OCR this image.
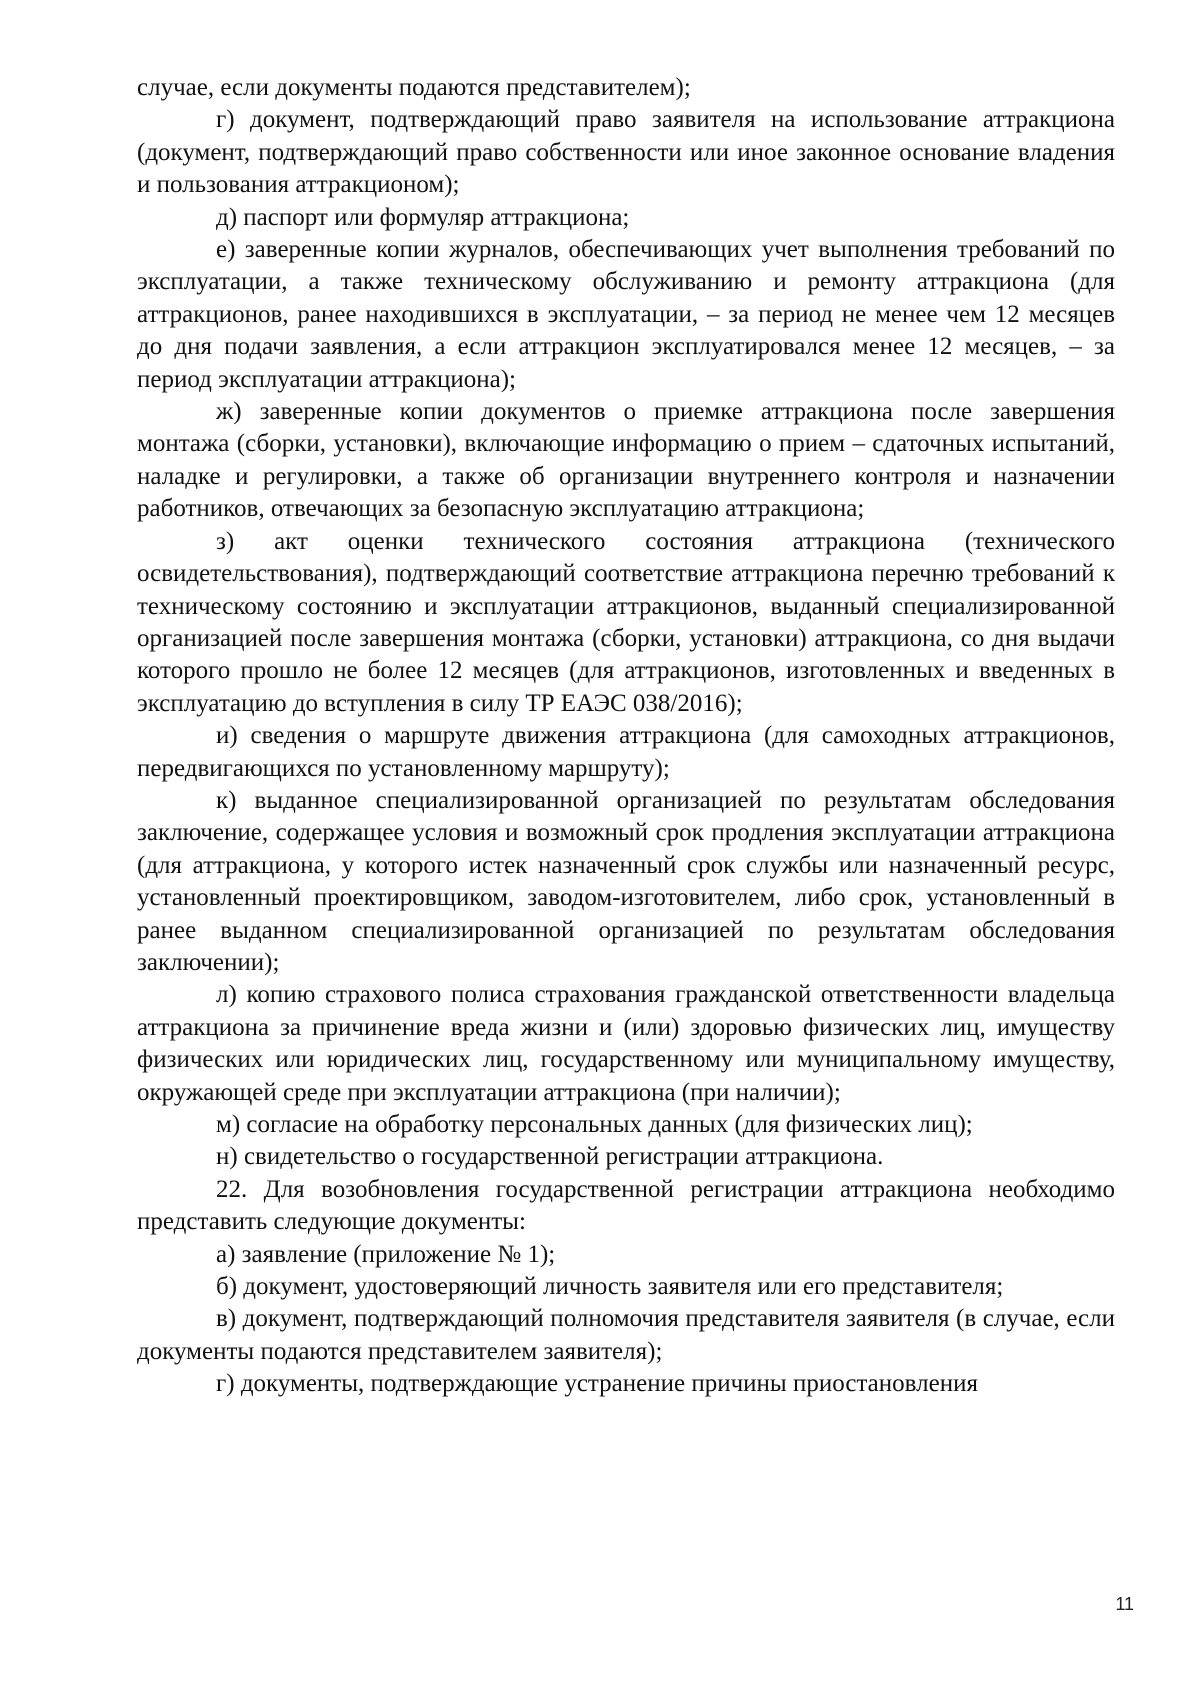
случае, если документы подаются представителем);

г) документ, подтверждающий право заявителя на использование аттракциона (документ, подтверждающий право собственности или иное законное основание владения и пользования аттракционом);

д) паспорт или формуляр аттракциона;

е) заверенные копии журналов, обеспечивающих учет выполнения требований по эксплуатации, а также техническому обслуживанию и ремонту аттракциона (для аттракционов, ранее находившихся в эксплуатации, – за период не менее чем 12 месяцев до дня подачи заявления, а если аттракцион эксплуатировался менее 12 месяцев, – за период эксплуатации аттракциона);

ж) заверенные копии документов о приемке аттракциона после завершения монтажа (сборки, установки), включающие информацию о прием – сдаточных испытаний, наладке и регулировки, а также об организации внутреннего контроля и назначении работников, отвечающих за безопасную эксплуатацию аттракциона;

з) акт оценки технического состояния аттракциона (технического освидетельствования), подтверждающий соответствие аттракциона перечню требований к техническому состоянию и эксплуатации аттракционов, выданный специализированной организацией после завершения монтажа (сборки, установки) аттракциона, со дня выдачи которого прошло не более 12 месяцев (для аттракционов, изготовленных и введенных в эксплуатацию до вступления в силу ТР ЕАЭС 038/2016);

и) сведения о маршруте движения аттракциона (для самоходных аттракционов, передвигающихся по установленному маршруту);

к) выданное специализированной организацией по результатам обследования заключение, содержащее условия и возможный срок продления эксплуатации аттракциона (для аттракциона, у которого истек назначенный срок службы или назначенный ресурс, установленный проектировщиком, заводом-изготовителем, либо срок, установленный в ранее выданном специализированной организацией по результатам обследования заключении);

л) копию страхового полиса страхования гражданской ответственности владельца аттракциона за причинение вреда жизни и (или) здоровью физических лиц, имуществу физических или юридических лиц, государственному или муниципальному имуществу, окружающей среде при эксплуатации аттракциона (при наличии);

м) согласие на обработку персональных данных (для физических лиц);

н) свидетельство о государственной регистрации аттракциона.

22. Для возобновления государственной регистрации аттракциона необходимо представить следующие документы:

а) заявление (приложение № 1);

б) документ, удостоверяющий личность заявителя или его представителя;

в) документ, подтверждающий полномочия представителя заявителя (в случае, если документы подаются представителем заявителя);

г) документы, подтверждающие устранение причины приостановления

11
